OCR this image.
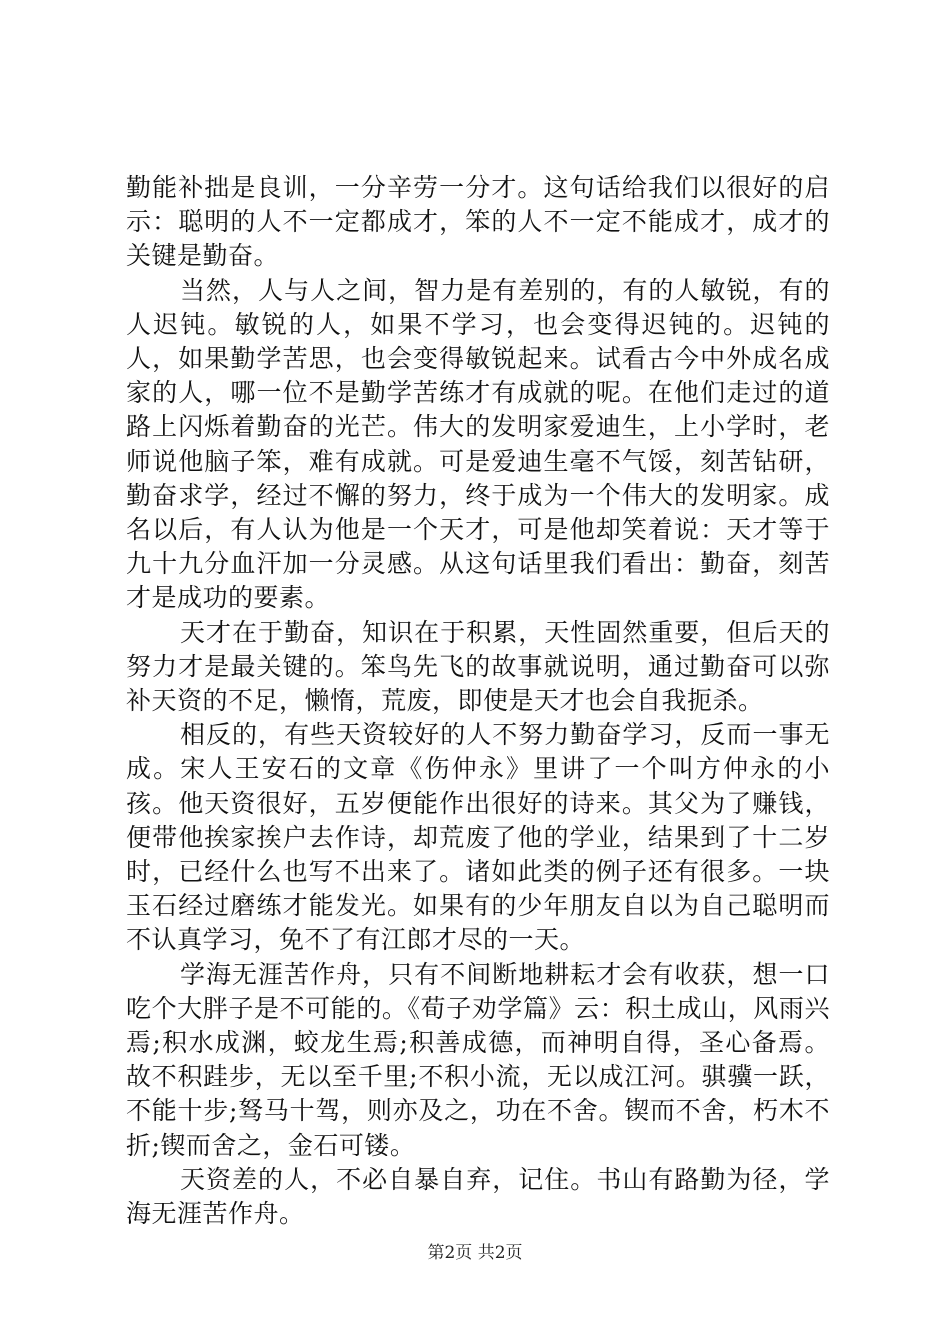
勤能补拙是良训，一分辛劳一分才。这句话给我们以很好的启示：聪明的人不一定都成才，笨的人不一定不能成才，成才的关键是勤奋。

当然，人与人之间，智力是有差别的，有的人敏锐，有的人迟钝。敏锐的人，如果不学习，也会变得迟钝的。迟钝的人，如果勤学苦思，也会变得敏锐起来。试看古今中外成名成家的人，哪一位不是勤学苦练才有成就的呢。在他们走过的道路上闪烁着勤奋的光芒。伟大的发明家爱迪生，上小学时，老师说他脑子笨，难有成就。可是爱迪生毫不气馁，刻苦钻研，勤奋求学，经过不懈的努力，终于成为一个伟大的发明家。成名以后，有人认为他是一个天才，可是他却笑着说：天才等于九十九分血汗加一分灵感。从这句话里我们看出：勤奋，刻苦才是成功的要素。

天才在于勤奋，知识在于积累，天性固然重要，但后天的努力才是最关键的。笨鸟先飞的故事就说明，通过勤奋可以弥补天资的不足，懒惰，荒废，即使是天才也会自我扼杀。

相反的，有些天资较好的人不努力勤奋学习，反而一事无成。宋人王安石的文章《伤仲永》里讲了一个叫方仲永的小孩。他天资很好，五岁便能作出很好的诗来。其父为了赚钱，便带他挨家挨户去作诗，却荒废了他的学业，结果到了十二岁时，已经什么也写不出来了。诸如此类的例子还有很多。一块玉石经过磨练才能发光。如果有的少年朋友自以为自己聪明而不认真学习，免不了有江郎才尽的一天。

学海无涯苦作舟，只有不间断地耕耘才会有收获，想一口吃个大胖子是不可能的。《荀子劝学篇》云：积土成山，风雨兴焉;积水成渊，蛟龙生焉;积善成德，而神明自得，圣心备焉。故不积跬步，无以至千里;不积小流，无以成江河。骐骥一跃，不能十步;驽马十驾，则亦及之，功在不舍。锲而不舍，朽木不折;锲而舍之，金石可镂。

天资差的人，不必自暴自弃，记住。书山有路勤为径，学海无涯苦作舟。

第2页 共2页
